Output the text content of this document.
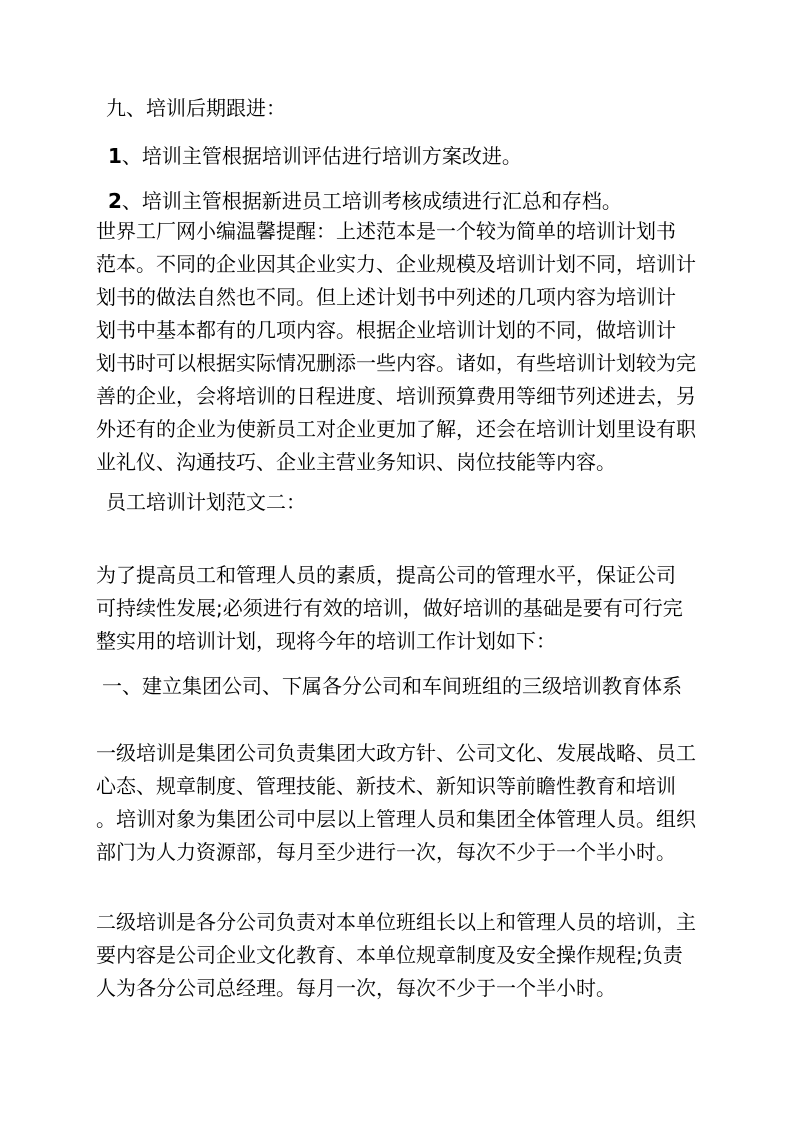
九、培训后期跟进：
1、培训主管根据培训评估进行培训方案改进。
2、培训主管根据新进员工培训考核成绩进行汇总和存档。
世界工厂网小编温馨提醒：上述范本是一个较为简单的培训计划书
范本。不同的企业因其企业实力、企业规模及培训计划不同，培训计
划书的做法自然也不同。但上述计划书中列述的几项内容为培训计
划书中基本都有的几项内容。根据企业培训计划的不同，做培训计
划书时可以根据实际情况删添一些内容。诸如，有些培训计划较为完
善的企业，会将培训的日程进度、培训预算费用等细节列述进去，另
外还有的企业为使新员工对企业更加了解，还会在培训计划里设有职
业礼仪、沟通技巧、企业主营业务知识、岗位技能等内容。
员工培训计划范文二：
为了提高员工和管理人员的素质，提高公司的管理水平，保证公司
可持续性发展;必须进行有效的培训，做好培训的基础是要有可行完
整实用的培训计划，现将今年的培训工作计划如下：
一、建立集团公司、下属各分公司和车间班组的三级培训教育体系
一级培训是集团公司负责集团大政方针、公司文化、发展战略、员工
心态、规章制度、管理技能、新技术、新知识等前瞻性教育和培训
。培训对象为集团公司中层以上管理人员和集团全体管理人员。组织
部门为人力资源部，每月至少进行一次，每次不少于一个半小时。
二级培训是各分公司负责对本单位班组长以上和管理人员的培训，主
要内容是公司企业文化教育、本单位规章制度及安全操作规程;负责
人为各分公司总经理。每月一次，每次不少于一个半小时。
